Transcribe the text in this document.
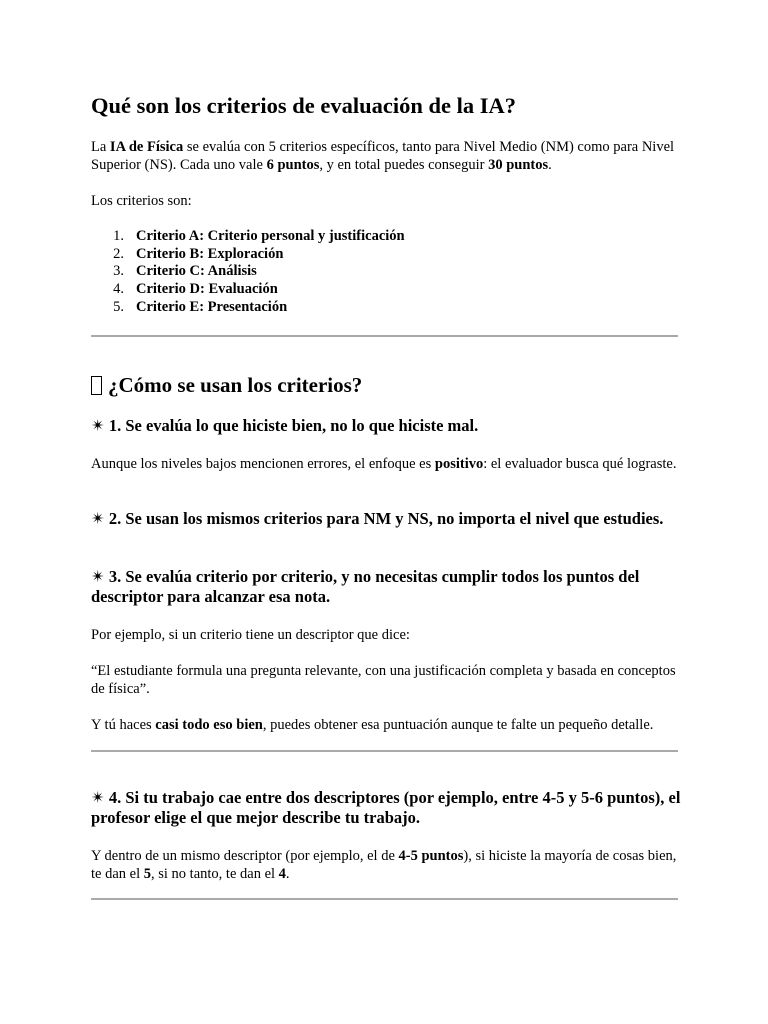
Qué son los criterios de evaluación de la IA?

La IA de Física se evalúa con 5 criterios específicos, tanto para Nivel Medio (NM) como para Nivel Superior (NS). Cada uno vale 6 puntos, y en total puedes conseguir 30 puntos.

Los criterios son:

1. Criterio A: Criterio personal y justificación
2. Criterio B: Exploración
3. Criterio C: Análisis
4. Criterio D: Evaluación
5. Criterio E: Presentación
¿Cómo se usan los criterios?
✴ 1. Se evalúa lo que hiciste bien, no lo que hiciste mal.

Aunque los niveles bajos mencionen errores, el enfoque es positivo: el evaluador busca qué lograste.

✴ 2. Se usan los mismos criterios para NM y NS, no importa el nivel que estudies.
✴ 3. Se evalúa criterio por criterio, y no necesitas cumplir todos los puntos del descriptor para alcanzar esa nota.

Por ejemplo, si un criterio tiene un descriptor que dice:

“El estudiante formula una pregunta relevante, con una justificación completa y basada en conceptos de física”.

Y tú haces casi todo eso bien, puedes obtener esa puntuación aunque te falte un pequeño detalle.

✴ 4. Si tu trabajo cae entre dos descriptores (por ejemplo, entre 4-5 y 5-6 puntos), el profesor elige el que mejor describe tu trabajo.

Y dentro de un mismo descriptor (por ejemplo, el de 4-5 puntos), si hiciste la mayoría de cosas bien, te dan el 5, si no tanto, te dan el 4.
